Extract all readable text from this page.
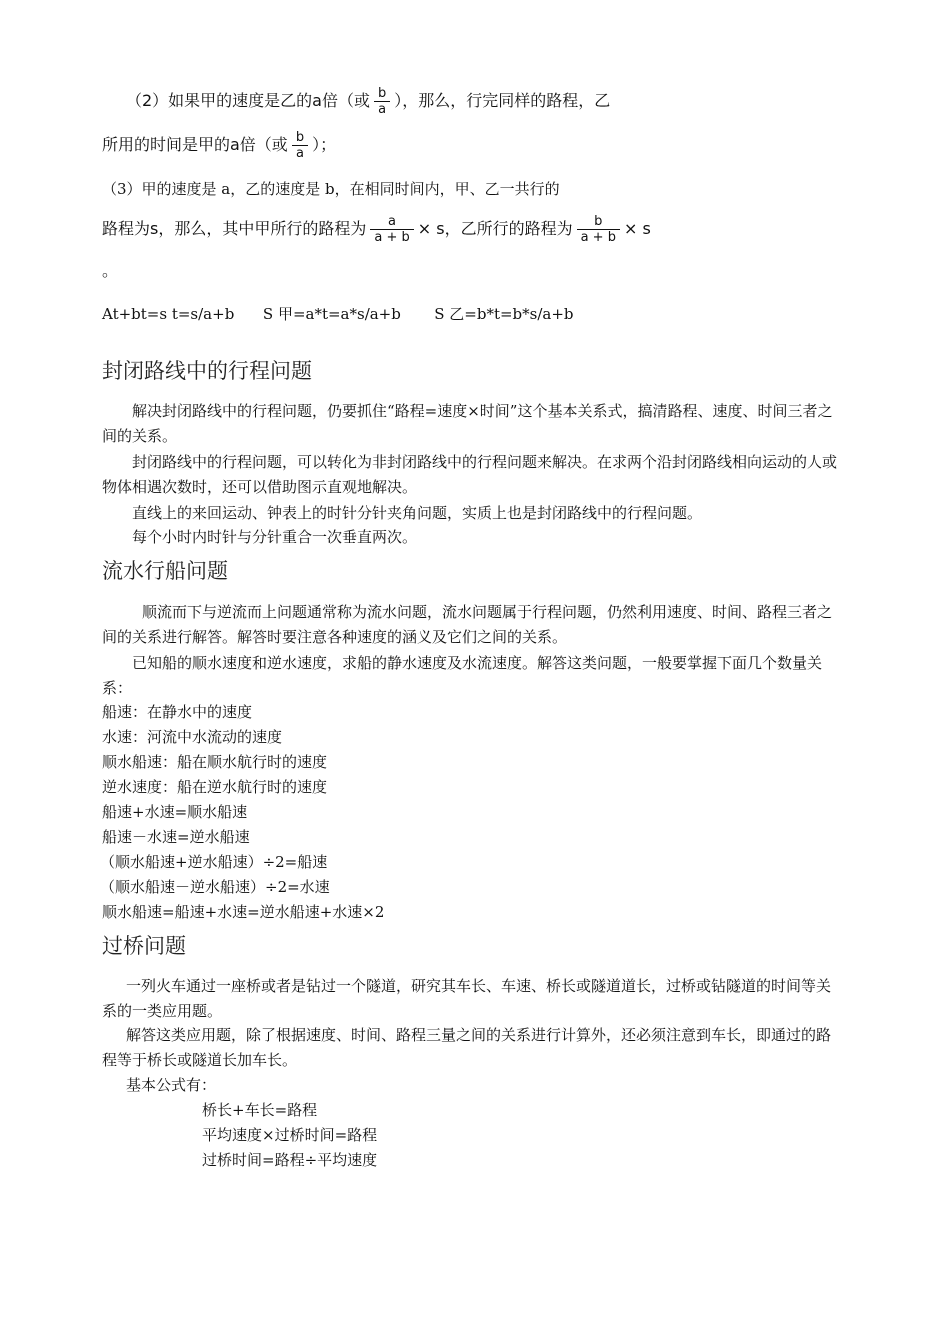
（2）如果甲的速度是乙的a倍（或 $\frac{b}{a}$ ），那么，行完同样的路程，乙
所用的时间是甲的a倍（或 $\frac{b}{a}$ ）；
（3）甲的速度是 a，乙的速度是 b，在相同时间内，甲、乙一共行的
路程为s，那么，其中甲所行的路程为 $\frac{a}{a + b} \times s$，乙所行的路程为 $\frac{b}{a + b} \times s$
。
At+bt=s t=s/a+b      S 甲=a*t=a*s/a+b       S 乙=b*t=b*s/a+b
封闭路线中的行程问题
解决封闭路线中的行程问题，仍要抓住“路程=速度×时间”这个基本关系式，搞清路程、速度、时间三者之间的关系。
封闭路线中的行程问题，可以转化为非封闭路线中的行程问题来解决。在求两个沿封闭路线相向运动的人或物体相遇次数时，还可以借助图示直观地解决。
直线上的来回运动、钟表上的时针分针夹角问题，实质上也是封闭路线中的行程问题。
每个小时内时针与分针重合一次垂直两次。
流水行船问题
顺流而下与逆流而上问题通常称为流水问题，流水问题属于行程问题，仍然利用速度、时间、路程三者之间的关系进行解答。解答时要注意各种速度的涵义及它们之间的关系。
已知船的顺水速度和逆水速度，求船的静水速度及水流速度。解答这类问题，一般要掌握下面几个数量关系：
船速：在静水中的速度
水速：河流中水流动的速度
顺水船速：船在顺水航行时的速度
逆水速度：船在逆水航行时的速度
船速+水速=顺水船速
船速－水速=逆水船速
（顺水船速+逆水船速）÷2=船速
（顺水船速－逆水船速）÷2=水速
顺水船速=船速+水速=逆水船速+水速×2
过桥问题
一列火车通过一座桥或者是钻过一个隧道，研究其车长、车速、桥长或隧道道长，过桥或钻隧道的时间等关系的一类应用题。
解答这类应用题，除了根据速度、时间、路程三量之间的关系进行计算外，还必须注意到车长，即通过的路程等于桥长或隧道长加车长。
基本公式有：
桥长+车长=路程
平均速度×过桥时间=路程
过桥时间=路程÷平均速度
